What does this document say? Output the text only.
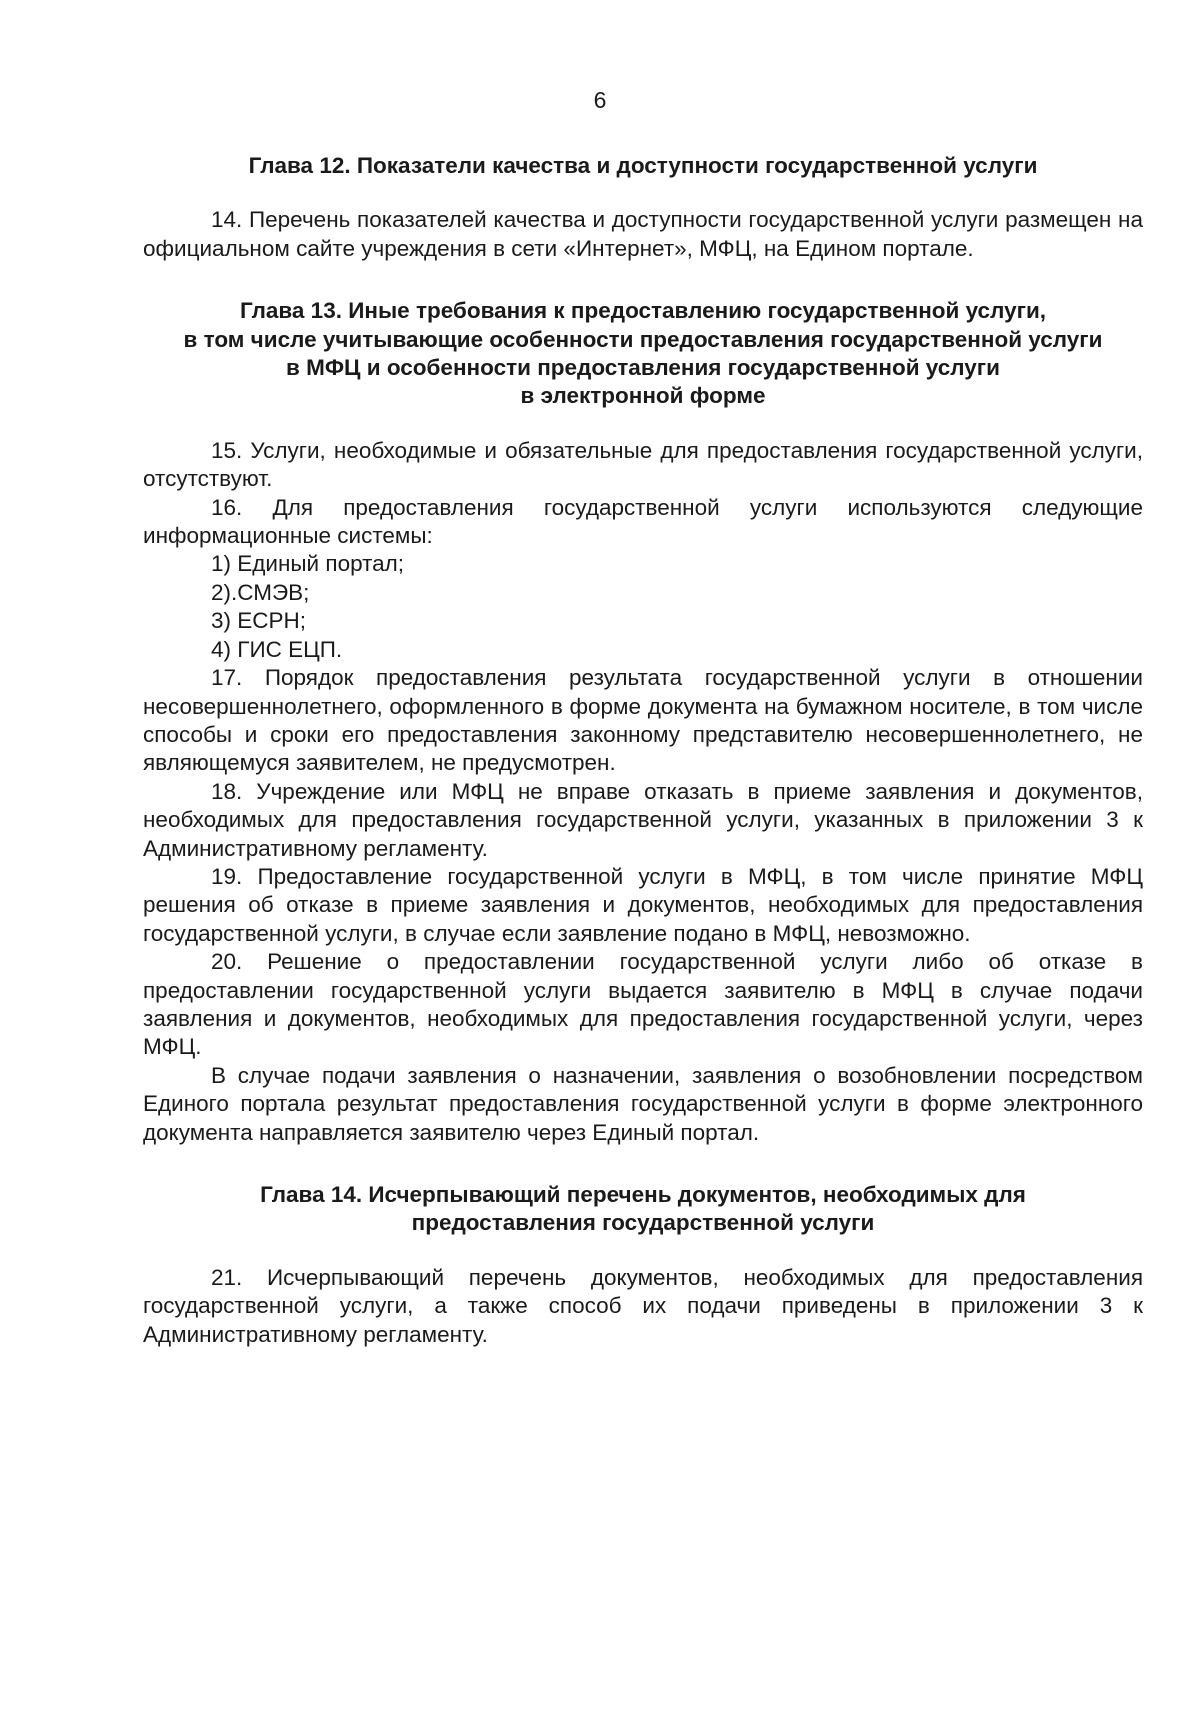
6
Глава 12. Показатели качества и доступности государственной услуги

14. Перечень показателей качества и доступности государственной услуги размещен на официальном сайте учреждения в сети «Интернет», МФЦ, на Едином портале.

Глава 13. Иные требования к предоставлению государственной услуги,
в том числе учитывающие особенности предоставления государственной услуги
в МФЦ и особенности предоставления государственной услуги
в электронной форме

15. Услуги, необходимые и обязательные для предоставления государственной услуги, отсутствуют.

16. Для предоставления государственной услуги используются следующие информационные системы:

1) Единый портал;

2).СМЭВ;

3) ЕСРН;

4) ГИС ЕЦП.

17. Порядок предоставления результата государственной услуги в отношении несовершеннолетнего, оформленного в форме документа на бумажном носителе, в том числе способы и сроки его предоставления законному представителю несовершеннолетнего, не являющемуся заявителем, не предусмотрен.

18. Учреждение или МФЦ не вправе отказать в приеме заявления и документов, необходимых для предоставления государственной услуги, указанных в приложении 3 к Административному регламенту.

19. Предоставление государственной услуги в МФЦ, в том числе принятие МФЦ решения об отказе в приеме заявления и документов, необходимых для предоставления государственной услуги, в случае если заявление подано в МФЦ, невозможно.

20. Решение о предоставлении государственной услуги либо об отказе в предоставлении государственной услуги выдается заявителю в МФЦ в случае подачи заявления и документов, необходимых для предоставления государственной услуги, через МФЦ.

В случае подачи заявления о назначении, заявления о возобновлении посредством Единого портала результат предоставления государственной услуги в форме электронного документа направляется заявителю через Единый портал.

Глава 14. Исчерпывающий перечень документов, необходимых для
предоставления государственной услуги

21. Исчерпывающий перечень документов, необходимых для предоставления государственной услуги, а также способ их подачи приведены в приложении 3 к Административному регламенту.
